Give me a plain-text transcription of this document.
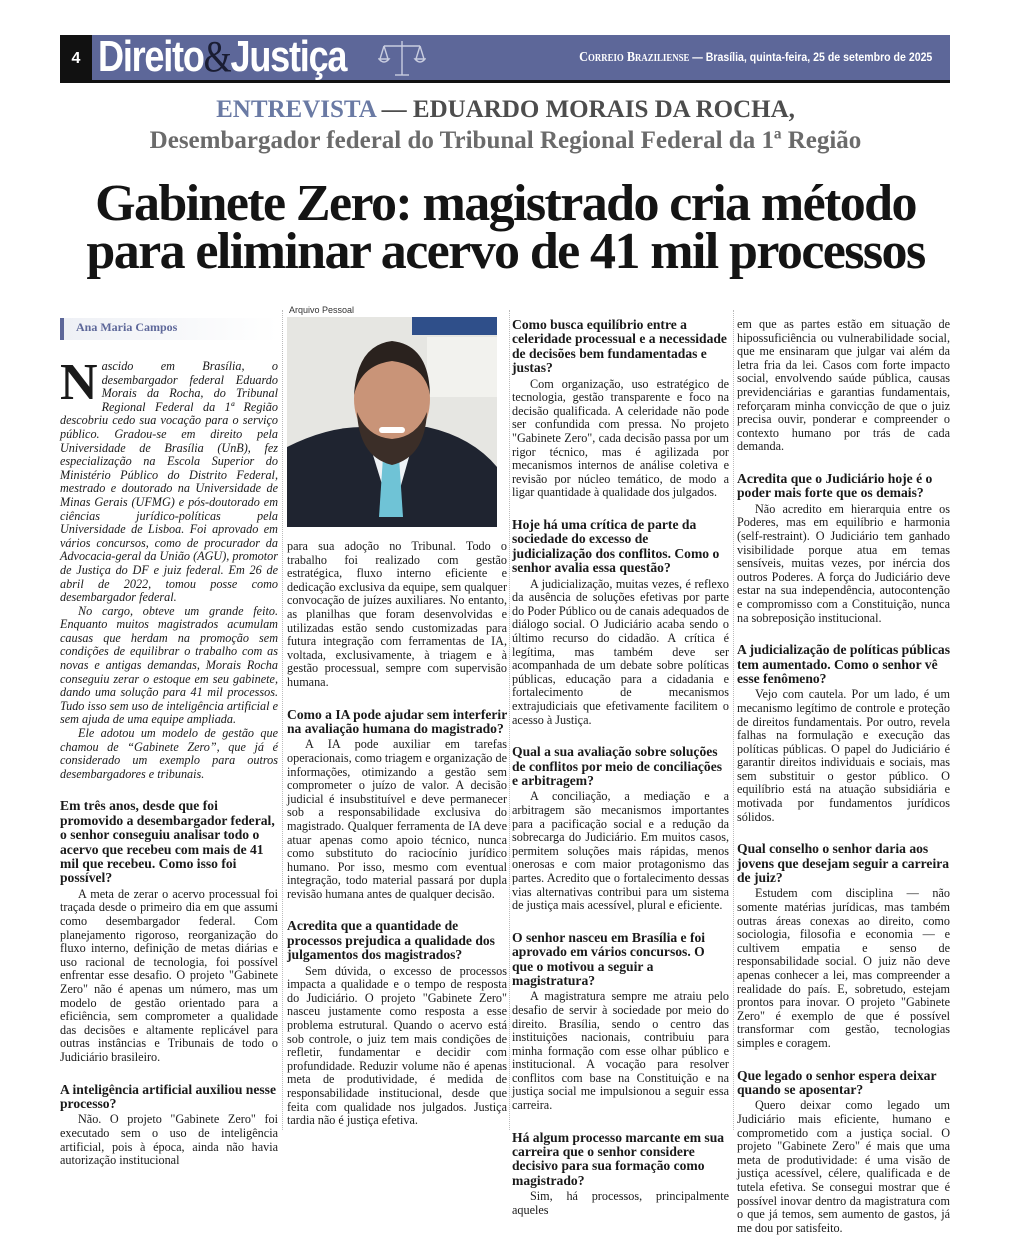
4 Direito&Justiça	Correio Braziliense — Brasília, quinta-feira, 25 de setembro de 2025
ENTREVISTA — EDUARDO MORAIS DA ROCHA,
Desembargador federal do Tribunal Regional Federal da 1ª Região
Gabinete Zero: magistrado cria método
para eliminar acervo de 41 mil processos
Arquivo Pessoal
Ana Maria Campos

Nascido em Brasília, o desembargador federal Eduardo Morais da Rocha, do Tribunal Regional Federal da 1ª Região descobriu cedo sua vocação para o serviço público. Gradou-se em direito pela Universidade de Brasília (UnB), fez especialização na Escola Superior do Ministério Público do Distrito Federal, mestrado e doutorado na Universidade de Minas Gerais (UFMG) e pós-doutorado em ciências jurídico-políticas pela Universidade de Lisboa. Foi aprovado em vários concursos, como de procurador da Advocacia-geral da União (AGU), promotor de Justiça do DF e juiz federal. Em 26 de abril de 2022, tomou posse como desembargador federal.

No cargo, obteve um grande feito. Enquanto muitos magistrados acumulam causas que herdam na promoção sem condições de equilibrar o trabalho com as novas e antigas demandas, Morais Rocha conseguiu zerar o estoque em seu gabinete, dando uma solução para 41 mil processos. Tudo isso sem uso de inteligência artificial e sem ajuda de uma equipe ampliada.

Ele adotou um modelo de gestão que chamou de “Gabinete Zero”, que já é considerado um exemplo para outros desembargadores e tribunais.

Em três anos, desde que foi promovido a desembargador federal, o senhor conseguiu analisar todo o acervo que recebeu com mais de 41 mil que recebeu. Como isso foi possível?

A meta de zerar o acervo processual foi traçada desde o primeiro dia em que assumi como desembargador federal. Com planejamento rigoroso, reorganização do fluxo interno, definição de metas diárias e uso racional de tecnologia, foi possível enfrentar esse desafio. O projeto "Gabinete Zero" não é apenas um número, mas um modelo de gestão orientado para a eficiência, sem comprometer a qualidade das decisões e altamente replicável para outras instâncias e Tribunais de todo o Judiciário brasileiro.

A inteligência artificial auxiliou nesse processo?

Não. O projeto "Gabinete Zero" foi executado sem o uso de inteligência artificial, pois à época, ainda não havia autorização institucional

para sua adoção no Tribunal. Todo o trabalho foi realizado com gestão estratégica, fluxo interno eficiente e dedicação exclusiva da equipe, sem qualquer convocação de juízes auxiliares. No entanto, as planilhas que foram desenvolvidas e utilizadas estão sendo customizadas para futura integração com ferramentas de IA, voltada, exclusivamente, à triagem e à gestão processual, sempre com supervisão humana.

Como a IA pode ajudar sem interferir na avaliação humana do magistrado?

A IA pode auxiliar em tarefas operacionais, como triagem e organização de informações, otimizando a gestão sem comprometer o juízo de valor. A decisão judicial é insubstituível e deve permanecer sob a responsabilidade exclusiva do magistrado. Qualquer ferramenta de IA deve atuar apenas como apoio técnico, nunca como substituto do raciocínio jurídico humano. Por isso, mesmo com eventual integração, todo material passará por dupla revisão humana antes de qualquer decisão.

Acredita que a quantidade de processos prejudica a qualidade dos julgamentos dos magistrados?

Sem dúvida, o excesso de processos impacta a qualidade e o tempo de resposta do Judiciário. O projeto "Gabinete Zero" nasceu justamente como resposta a esse problema estrutural. Quando o acervo está sob controle, o juiz tem mais condições de refletir, fundamentar e decidir com profundidade. Reduzir volume não é apenas meta de produtividade, é medida de responsabilidade institucional, desde que feita com qualidade nos julgados. Justiça tardia não é justiça efetiva.

Como busca equilíbrio entre a celeridade processual e a necessidade de decisões bem fundamentadas e justas?

Com organização, uso estratégico de tecnologia, gestão transparente e foco na decisão qualificada. A celeridade não pode ser confundida com pressa. No projeto "Gabinete Zero", cada decisão passa por um rigor técnico, mas é agilizada por mecanismos internos de análise coletiva e revisão por núcleo temático, de modo a ligar quantidade à qualidade dos julgados.

Hoje há uma crítica de parte da sociedade do excesso de judicialização dos conflitos. Como o senhor avalia essa questão?

A judicialização, muitas vezes, é reflexo da ausência de soluções efetivas por parte do Poder Público ou de canais adequados de diálogo social. O Judiciário acaba sendo o último recurso do cidadão. A crítica é legítima, mas também deve ser acompanhada de um debate sobre políticas públicas, educação para a cidadania e fortalecimento de mecanismos extrajudiciais que efetivamente facilitem o acesso à Justiça.

Qual a sua avaliação sobre soluções de conflitos por meio de conciliações e arbitragem?

A conciliação, a mediação e a arbitragem são mecanismos importantes para a pacificação social e a redução da sobrecarga do Judiciário. Em muitos casos, permitem soluções mais rápidas, menos onerosas e com maior protagonismo das partes. Acredito que o fortalecimento dessas vias alternativas contribui para um sistema de justiça mais acessível, plural e eficiente.

O senhor nasceu em Brasília e foi aprovado em vários concursos. O que o motivou a seguir a magistratura?

A magistratura sempre me atraiu pelo desafio de servir à sociedade por meio do direito. Brasília, sendo o centro das instituições nacionais, contribuiu para minha formação com esse olhar público e institucional. A vocação para resolver conflitos com base na Constituição e na justiça social me impulsionou a seguir essa carreira.

Há algum processo marcante em sua carreira que o senhor considere decisivo para sua formação como magistrado?

Sim, há processos, principalmente aqueles

em que as partes estão em situação de hipossuficiência ou vulnerabilidade social, que me ensinaram que julgar vai além da letra fria da lei. Casos com forte impacto social, envolvendo saúde pública, causas previdenciárias e garantias fundamentais, reforçaram minha convicção de que o juiz precisa ouvir, ponderar e compreender o contexto humano por trás de cada demanda.

Acredita que o Judiciário hoje é o poder mais forte que os demais?

Não acredito em hierarquia entre os Poderes, mas em equilíbrio e harmonia (self-restraint). O Judiciário tem ganhado visibilidade porque atua em temas sensíveis, muitas vezes, por inércia dos outros Poderes. A força do Judiciário deve estar na sua independência, autocontenção e compromisso com a Constituição, nunca na sobreposição institucional.

A judicialização de políticas públicas tem aumentado. Como o senhor vê esse fenômeno?

Vejo com cautela. Por um lado, é um mecanismo legítimo de controle e proteção de direitos fundamentais. Por outro, revela falhas na formulação e execução das políticas públicas. O papel do Judiciário é garantir direitos individuais e sociais, mas sem substituir o gestor público. O equilíbrio está na atuação subsidiária e motivada por fundamentos jurídicos sólidos.

Qual conselho o senhor daria aos jovens que desejam seguir a carreira de juiz?

Estudem com disciplina — não somente matérias jurídicas, mas também outras áreas conexas ao direito, como sociologia, filosofia e economia — e cultivem empatia e senso de responsabilidade social. O juiz não deve apenas conhecer a lei, mas compreender a realidade do país. E, sobretudo, estejam prontos para inovar. O projeto "Gabinete Zero" é exemplo de que é possível transformar com gestão, tecnologias simples e coragem.

Que legado o senhor espera deixar quando se aposentar?

Quero deixar como legado um Judiciário mais eficiente, humano e comprometido com a justiça social. O projeto "Gabinete Zero" é mais que uma meta de produtividade: é uma visão de justiça acessível, célere, qualificada e de tutela efetiva. Se consegui mostrar que é possível inovar dentro da magistratura com o que já temos, sem aumento de gastos, já me dou por satisfeito.
